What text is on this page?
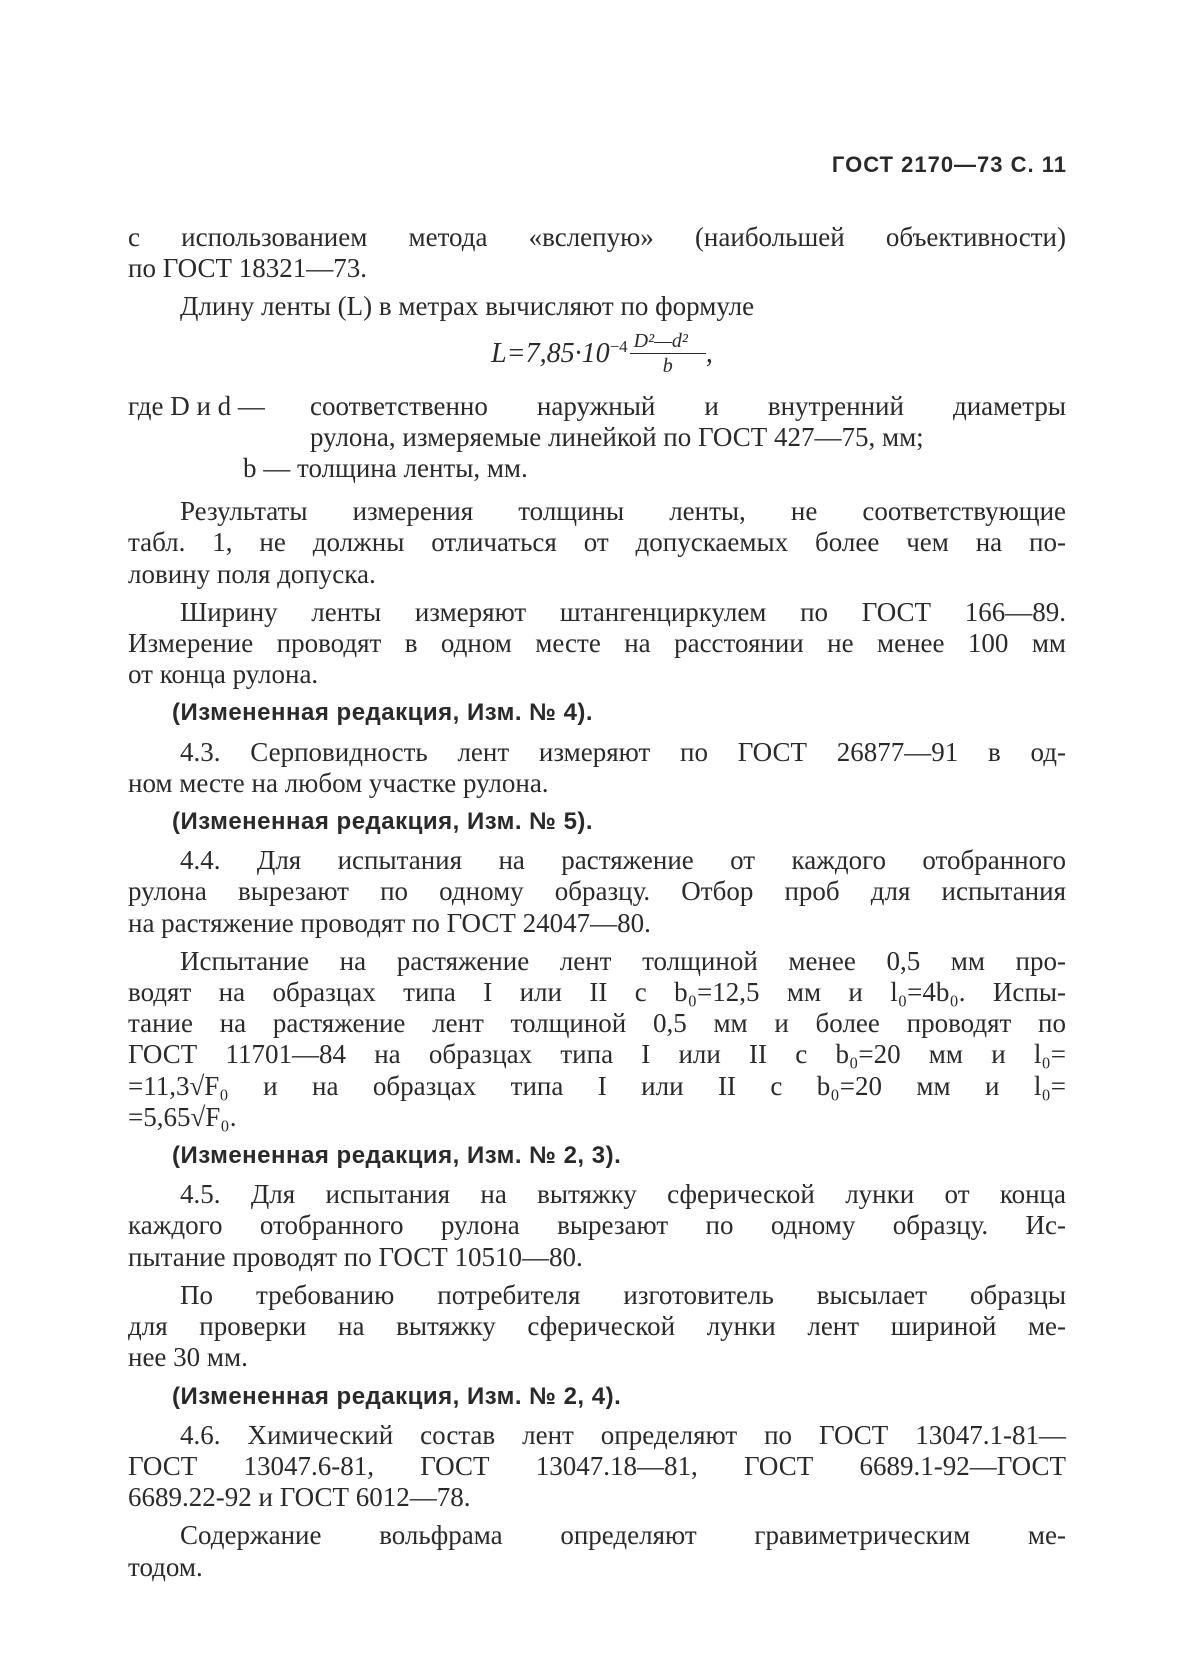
ГОСТ 2170—73 С. 11

с использованием метода «вслепую» (наибольшей объективности)
по ГОСТ 18321—73.

Длину ленты (L) в метрах вычисляют по формуле

$L=7,85\cdot 10^{-4} \frac{\text{D²—d²}}{b}$ ,
где D и d —	соответственно наружный и внутренний диаметры
рулона, измеряемые линейкой по ГОСТ 427—75, мм;
b — толщина ленты, мм.

Результаты измерения толщины ленты, не соответствующие
табл. 1, не должны отличаться от допускаемых более чем на по-
ловину поля допуска.

Ширину ленты измеряют штангенциркулем по ГОСТ 166—89.
Измерение проводят в одном месте на расстоянии не менее 100 мм
от конца рулона.

(Измененная редакция, Изм. № 4).

4.3. Серповидность лент измеряют по ГОСТ 26877—91 в од-
ном месте на любом участке рулона.

(Измененная редакция, Изм. № 5).

4.4. Для испытания на растяжение от каждого отобранного
рулона вырезают по одному образцу. Отбор проб для испытания
на растяжение проводят по ГОСТ 24047—80.

Испытание на растяжение лент толщиной менее 0,5 мм про-
водят на образцах типа I или II с b₀=12,5 мм и l₀=4b₀. Испы-
тание на растяжение лент толщиной 0,5 мм и более проводят по
ГОСТ 11701—84 на образцах типа I или II с b₀=20 мм и l₀=
=11,3√F₀ и на образцах типа I или II с b₀=20 мм и l₀=
=5,65√F₀.

(Измененная редакция, Изм. № 2, 3).

4.5. Для испытания на вытяжку сферической лунки от конца
каждого отобранного рулона вырезают по одному образцу. Ис-
пытание проводят по ГОСТ 10510—80.

По требованию потребителя изготовитель высылает образцы
для проверки на вытяжку сферической лунки лент шириной ме-
нее 30 мм.

(Измененная редакция, Изм. № 2, 4).

4.6. Химический состав лент определяют по ГОСТ 13047.1-81—
ГОСТ 13047.6-81, ГОСТ 13047.18—81, ГОСТ 6689.1-92—ГОСТ
6689.22-92 и ГОСТ 6012—78.

Содержание вольфрама определяют гравиметрическим ме-
тодом.
